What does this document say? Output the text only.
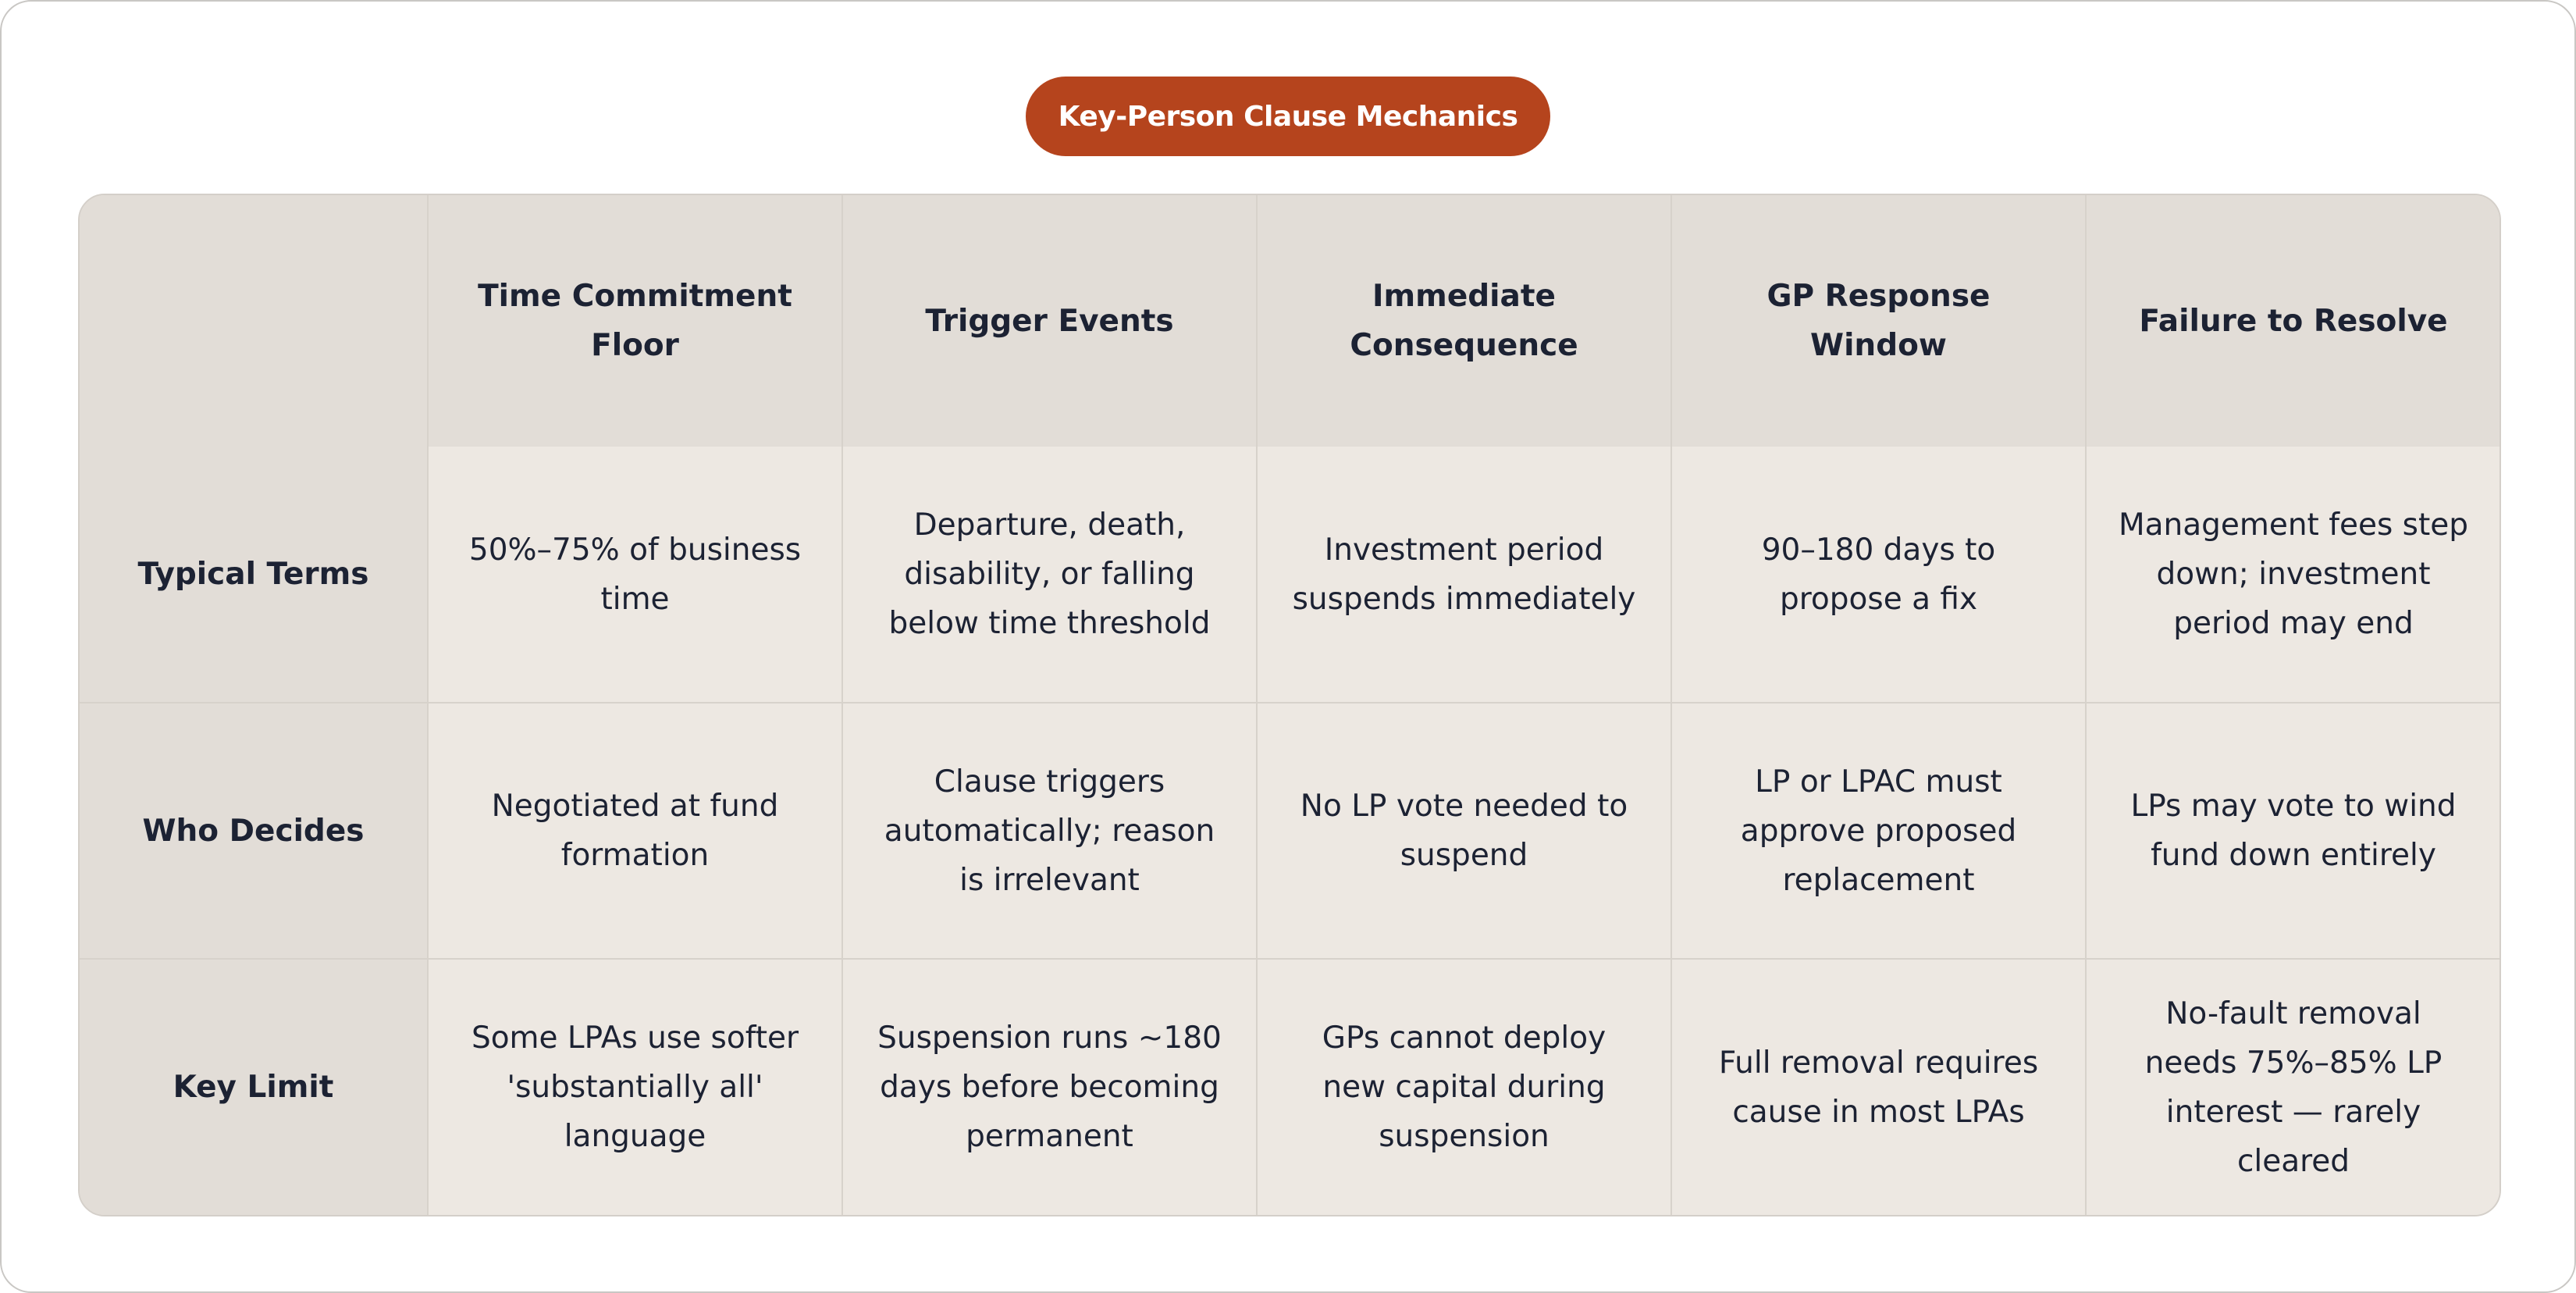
Key-Person Clause Mechanics
	Time Commitment Floor	Trigger Events	Immediate Consequence	GP Response Window	Failure to Resolve
Typical Terms	50%–75% of business time	Departure, death, disability, or falling below time threshold	Investment period suspends immediately	90–180 days to propose a fix	Management fees step down; investment period may end
Who Decides	Negotiated at fund formation	Clause triggers automatically; reason is irrelevant	No LP vote needed to suspend	LP or LPAC must approve proposed replacement	LPs may vote to wind fund down entirely
Key Limit	Some LPAs use softer 'substantially all' language	Suspension runs ~180 days before becoming permanent	GPs cannot deploy new capital during suspension	Full removal requires cause in most LPAs	No-fault removal needs 75%–85% LP interest — rarely cleared
